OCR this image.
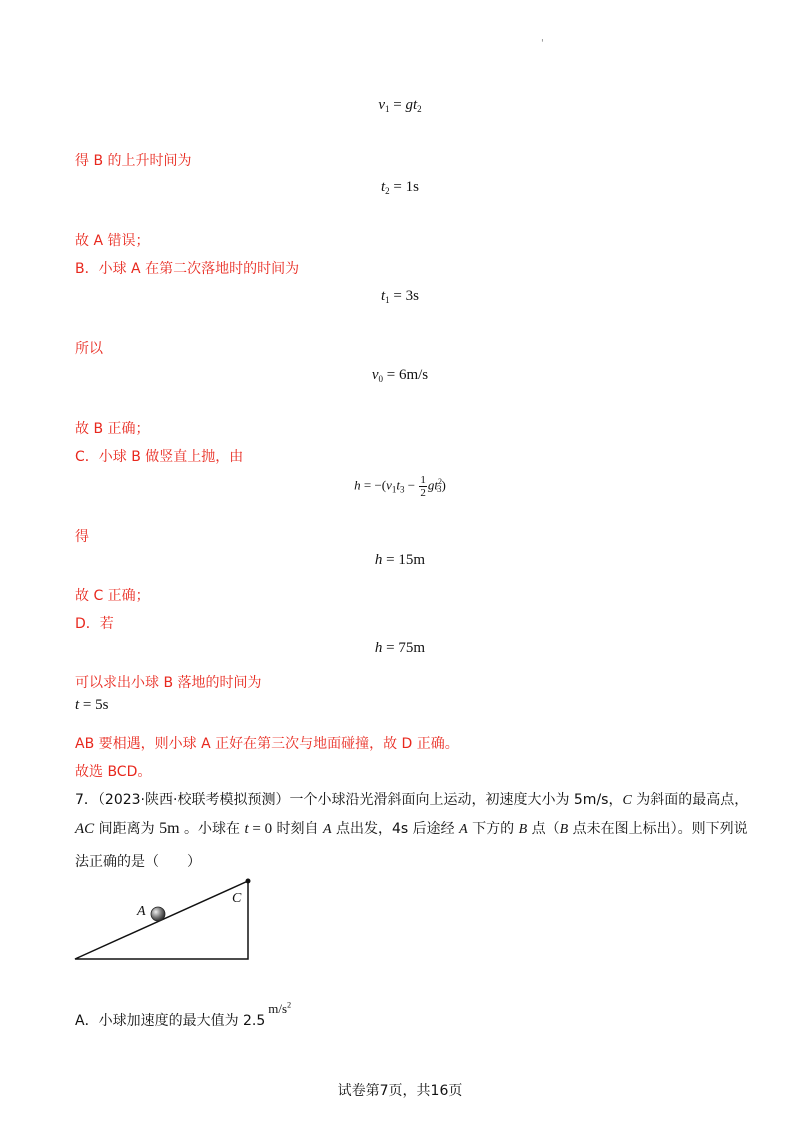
'
$v_1 = gt_2$
得 B 的上升时间为
$t_2 = 1s$
故 A 错误；
B．小球 A 在第二次落地时的时间为
$t_1 = 3s$
所以
$v_0 = 6m/s$
故 B 正确；
C．小球 B 做竖直上抛，由
$h = -(v_1t_3 - \frac{1}{2} gt^2_3)$
得
h = 15m
故 C 正确；
D．若
h = 75m
可以求出小球 B 落地的时间为
t = 5s
AB 要相遇，则小球 A 正好在第三次与地面碰撞，故 D 正确。
故选 BCD。
7．（2023·陕西·校联考模拟预测）一个小球沿光滑斜面向上运动，初速度大小为 5m/s，C 为斜面的最高点，
AC 间距离为 5m 。小球在 t = 0 时刻自 A 点出发，4s 后途经 A 下方的 B 点（B 点未在图上标出）。则下列说
法正确的是（　　）
A
C
A．小球加速度的最大值为 $2.5m/s^2$
试卷第7页，共16页
